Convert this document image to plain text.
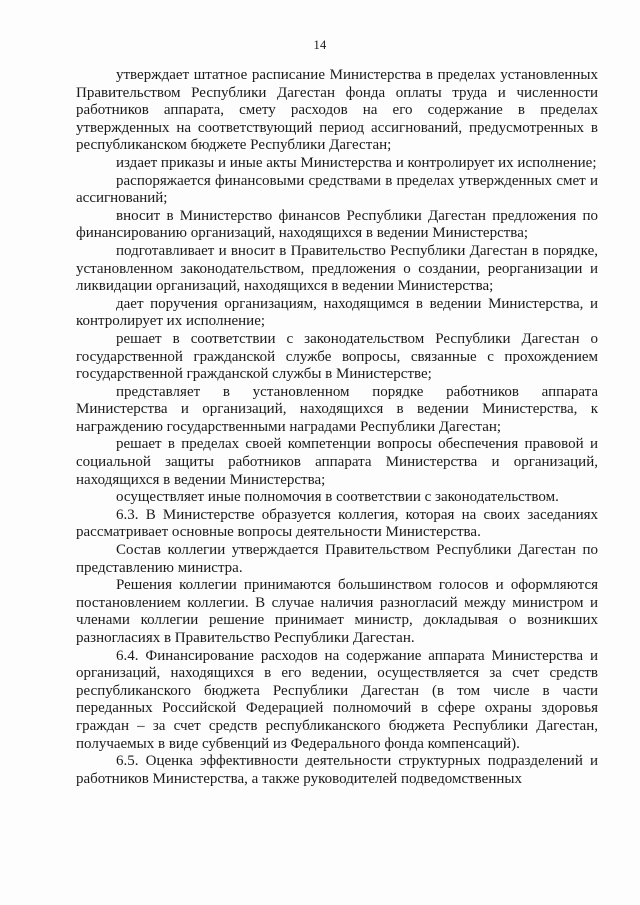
14

утверждает штатное расписание Министерства в пределах установленных Правительством Республики Дагестан фонда оплаты труда и численности работников аппарата, смету расходов на его содержание в пределах утвержденных на соответствующий период ассигнований, предусмотренных в республиканском бюджете Республики Дагестан;

издает приказы и иные акты Министерства и контролирует их исполнение;

распоряжается финансовыми средствами в пределах утвержденных смет и ассигнований;

вносит в Министерство финансов Республики Дагестан предложения по финансированию организаций, находящихся в ведении Министерства;

подготавливает и вносит в Правительство Республики Дагестан в порядке, установленном законодательством, предложения о создании, реорганизации и ликвидации организаций, находящихся в ведении Министерства;

дает поручения организациям, находящимся в ведении Министерства, и контролирует их исполнение;

решает в соответствии с законодательством Республики Дагестан о государственной гражданской службе вопросы, связанные с прохождением государственной гражданской службы в Министерстве;

представляет в установленном порядке работников аппарата Министерства и организаций, находящихся в ведении Министерства, к награждению государственными наградами Республики Дагестан;

решает в пределах своей компетенции вопросы обеспечения правовой и социальной защиты работников аппарата Министерства и организаций, находящихся в ведении Министерства;

осуществляет иные полномочия в соответствии с законодательством.

6.3. В Министерстве образуется коллегия, которая на своих заседаниях рассматривает основные вопросы деятельности Министерства.

Состав коллегии утверждается Правительством Республики Дагестан по представлению министра.

Решения коллегии принимаются большинством голосов и оформляются постановлением коллегии. В случае наличия разногласий между министром и членами коллегии решение принимает министр, докладывая о возникших разногласиях в Правительство Республики Дагестан.

6.4. Финансирование расходов на содержание аппарата Министерства и организаций, находящихся в его ведении, осуществляется за счет средств республиканского бюджета Республики Дагестан (в том числе в части переданных Российской Федерацией полномочий в сфере охраны здоровья граждан – за счет средств республиканского бюджета Республики Дагестан, получаемых в виде субвенций из Федерального фонда компенсаций).

6.5. Оценка эффективности деятельности структурных подразделений и работников Министерства, а также руководителей подведомственных
